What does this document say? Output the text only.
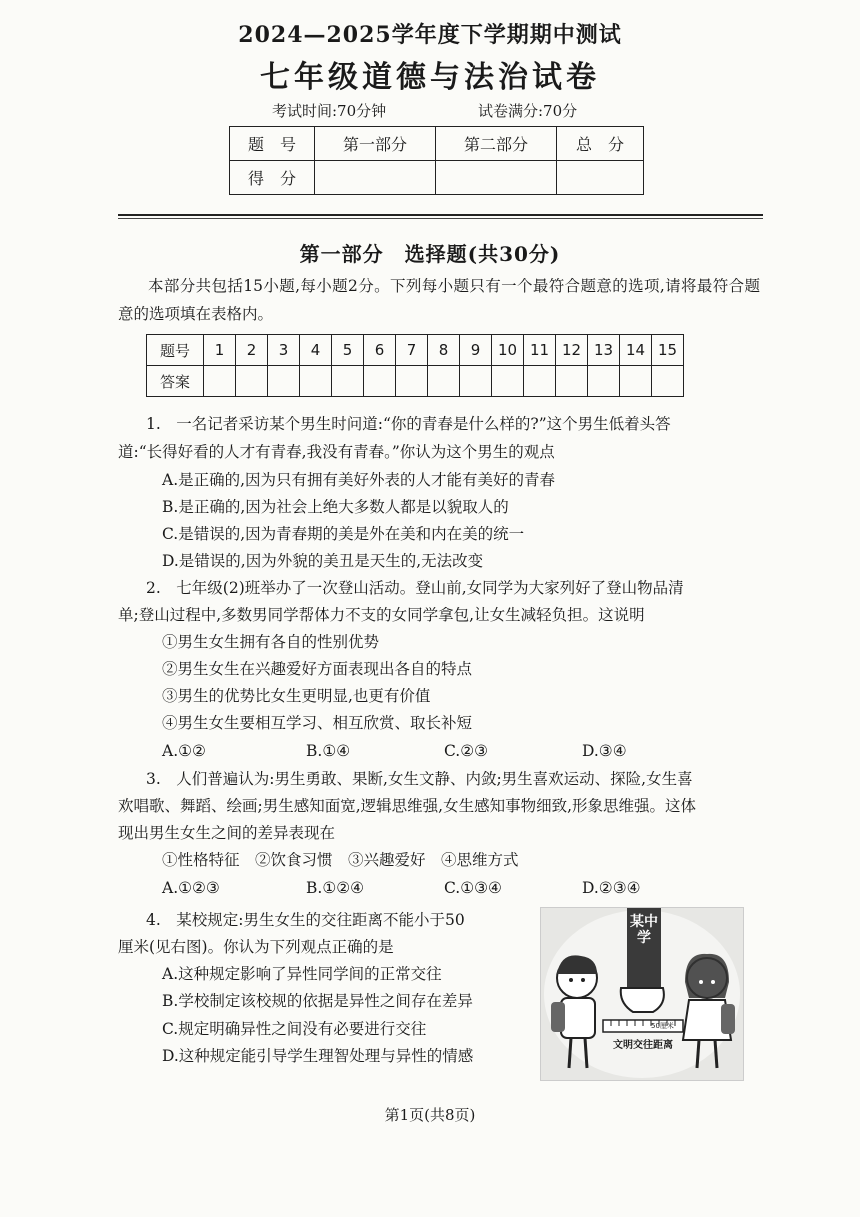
2024—2025学年度下学期期中测试
七年级道德与法治试卷
考试时间:70分钟	试卷满分:70分
题　号	第一部分	第二部分	总　分
得　分			
第一部分　选择题(共30分)
本部分共包括15小题,每小题2分。下列每小题只有一个最符合题意的选项,请将最符合题意的选项填在表格内。
题号	1	2	3	4	5	6	7	8	9	10	11	12	13	14	15
答案															
1.　一名记者采访某个男生时问道:“你的青春是什么样的?”这个男生低着头答
道:“长得好看的人才有青春,我没有青春。”你认为这个男生的观点
A.是正确的,因为只有拥有美好外表的人才能有美好的青春
B.是正确的,因为社会上绝大多数人都是以貌取人的
C.是错误的,因为青春期的美是外在美和内在美的统一
D.是错误的,因为外貌的美丑是天生的,无法改变
2.　七年级(2)班举办了一次登山活动。登山前,女同学为大家列好了登山物品清
单;登山过程中,多数男同学帮体力不支的女同学拿包,让女生减轻负担。这说明
①男生女生拥有各自的性别优势
②男生女生在兴趣爱好方面表现出各自的特点
③男生的优势比女生更明显,也更有价值
④男生女生要相互学习、相互欣赏、取长补短
A.①②	B.①④	C.②③	D.③④
3.　人们普遍认为:男生勇敢、果断,女生文静、内敛;男生喜欢运动、探险,女生喜
欢唱歌、舞蹈、绘画;男生感知面宽,逻辑思维强,女生感知事物细致,形象思维强。这体
现出男生女生之间的差异表现在
①性格特征　②饮食习惯　③兴趣爱好　④思维方式
A.①②③	B.①②④	C.①③④	D.②③④
4.　某校规定:男生女生的交往距离不能小于50
厘米(见右图)。你认为下列观点正确的是
A.这种规定影响了异性同学间的正常交往
B.学校制定该校规的依据是异性之间存在差异
C.规定明确异性之间没有必要进行交往
D.这种规定能引导学生理智处理与异性的情感
某中学
50厘米
文明交往距离
第1页(共8页)
